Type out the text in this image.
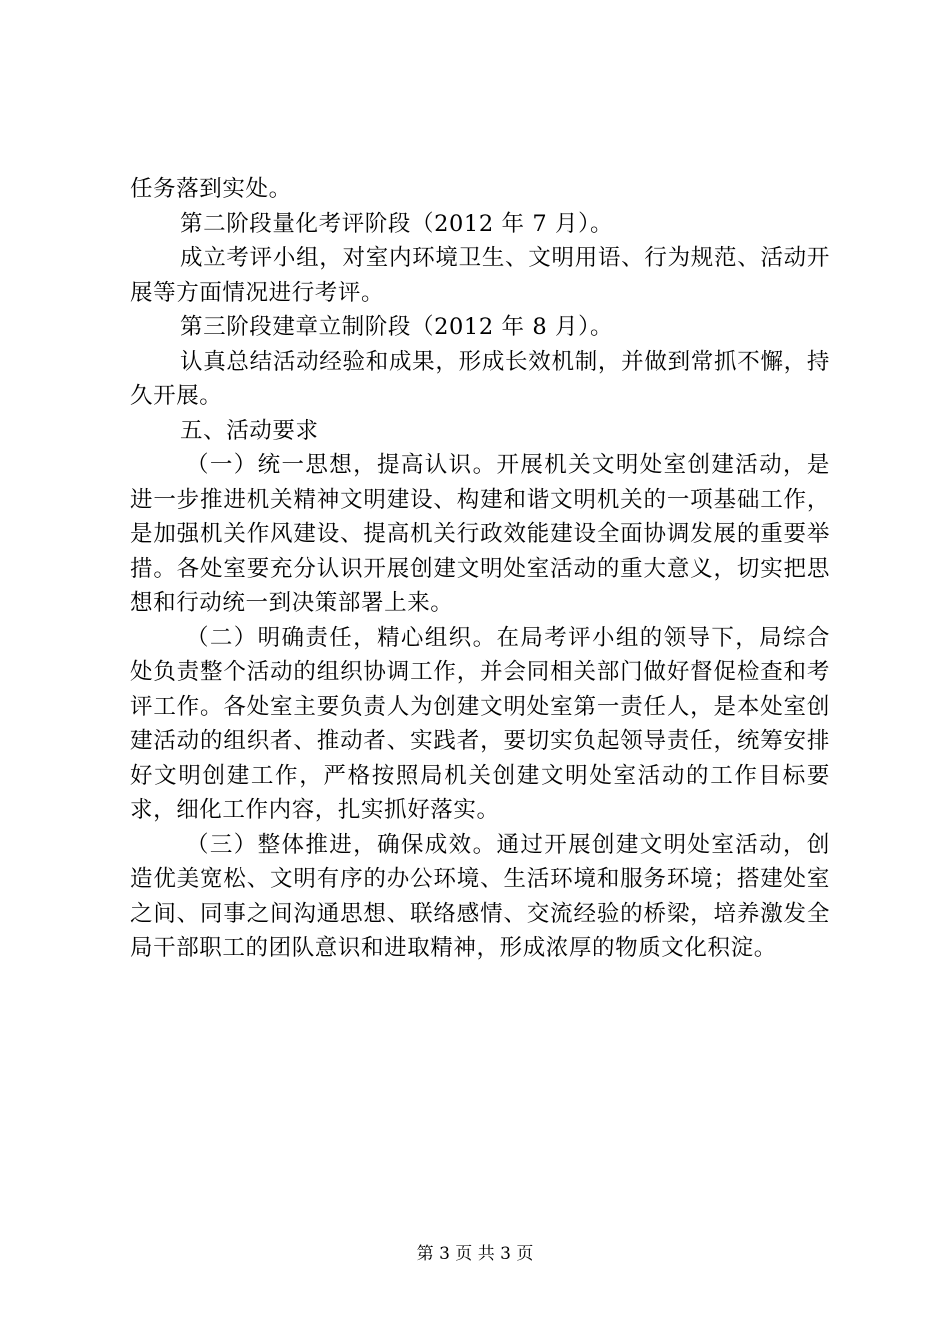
任务落到实处。

第二阶段量化考评阶段（2012 年 7 月）。

成立考评小组，对室内环境卫生、文明用语、行为规范、活动开展等方面情况进行考评。

第三阶段建章立制阶段（2012 年 8 月）。

认真总结活动经验和成果，形成长效机制，并做到常抓不懈，持久开展。

五、活动要求

（一）统一思想，提高认识。开展机关文明处室创建活动，是进一步推进机关精神文明建设、构建和谐文明机关的一项基础工作，是加强机关作风建设、提高机关行政效能建设全面协调发展的重要举措。各处室要充分认识开展创建文明处室活动的重大意义，切实把思想和行动统一到决策部署上来。

（二）明确责任，精心组织。在局考评小组的领导下，局综合处负责整个活动的组织协调工作，并会同相关部门做好督促检查和考评工作。各处室主要负责人为创建文明处室第一责任人，是本处室创建活动的组织者、推动者、实践者，要切实负起领导责任，统筹安排好文明创建工作，严格按照局机关创建文明处室活动的工作目标要求，细化工作内容，扎实抓好落实。

（三）整体推进，确保成效。通过开展创建文明处室活动，创造优美宽松、文明有序的办公环境、生活环境和服务环境；搭建处室之间、同事之间沟通思想、联络感情、交流经验的桥梁，培养激发全局干部职工的团队意识和进取精神，形成浓厚的物质文化积淀。

第 3 页 共 3 页
